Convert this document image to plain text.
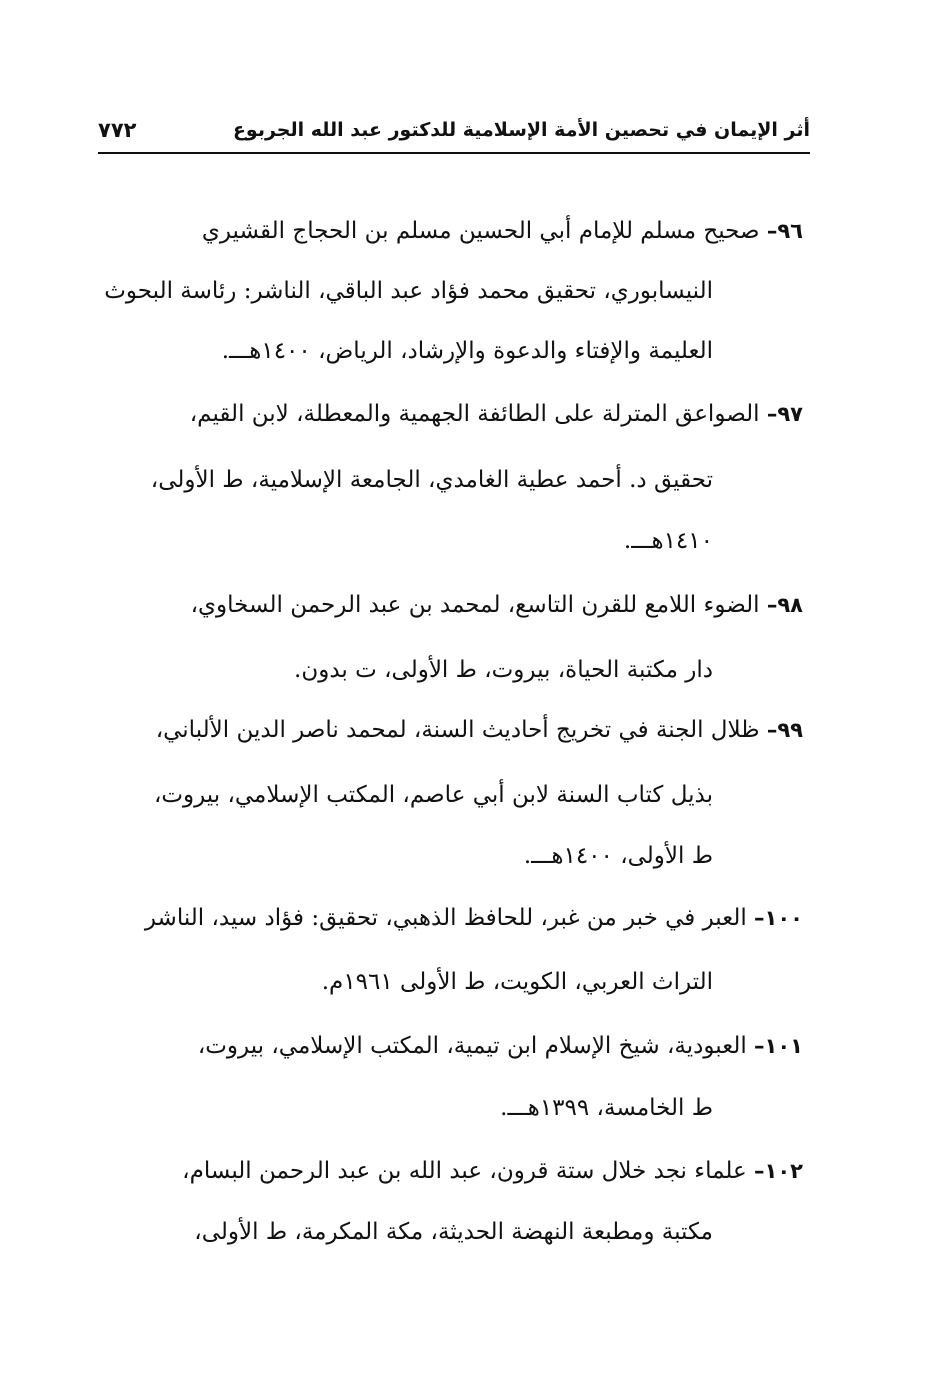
أثر الإيمان في تحصين الأمة الإسلامية للدكتور عبد الله الجربوع
٧٧٢
٩٦– صحيح مسلم للإمام أبي الحسين مسلم بن الحجاج القشيري
النيسابوري، تحقيق محمد فؤاد عبد الباقي، الناشر: رئاسة البحوث
العليمة والإفتاء والدعوة والإرشاد، الرياض، ١٤٠٠هـــ.
٩٧– الصواعق المترلة على الطائفة الجهمية والمعطلة، لابن القيم،
تحقيق د. أحمد عطية الغامدي، الجامعة الإسلامية، ط الأولى،
١٤١٠هـــ.
٩٨– الضوء اللامع للقرن التاسع، لمحمد بن عبد الرحمن السخاوي،
دار مكتبة الحياة، بيروت، ط الأولى، ت بدون.
٩٩– ظلال الجنة في تخريج أحاديث السنة، لمحمد ناصر الدين الألباني،
بذيل كتاب السنة لابن أبي عاصم، المكتب الإسلامي، بيروت،
ط الأولى، ١٤٠٠هـــ.
١٠٠– العبر في خبر من غبر، للحافظ الذهبي، تحقيق: فؤاد سيد، الناشر
التراث العربي، الكويت، ط الأولى ١٩٦١م.
١٠١– العبودية، شيخ الإسلام ابن تيمية، المكتب الإسلامي، بيروت،
ط الخامسة، ١٣٩٩هـــ.
١٠٢– علماء نجد خلال ستة قرون، عبد الله بن عبد الرحمن البسام،
مكتبة ومطبعة النهضة الحديثة، مكة المكرمة، ط الأولى،
